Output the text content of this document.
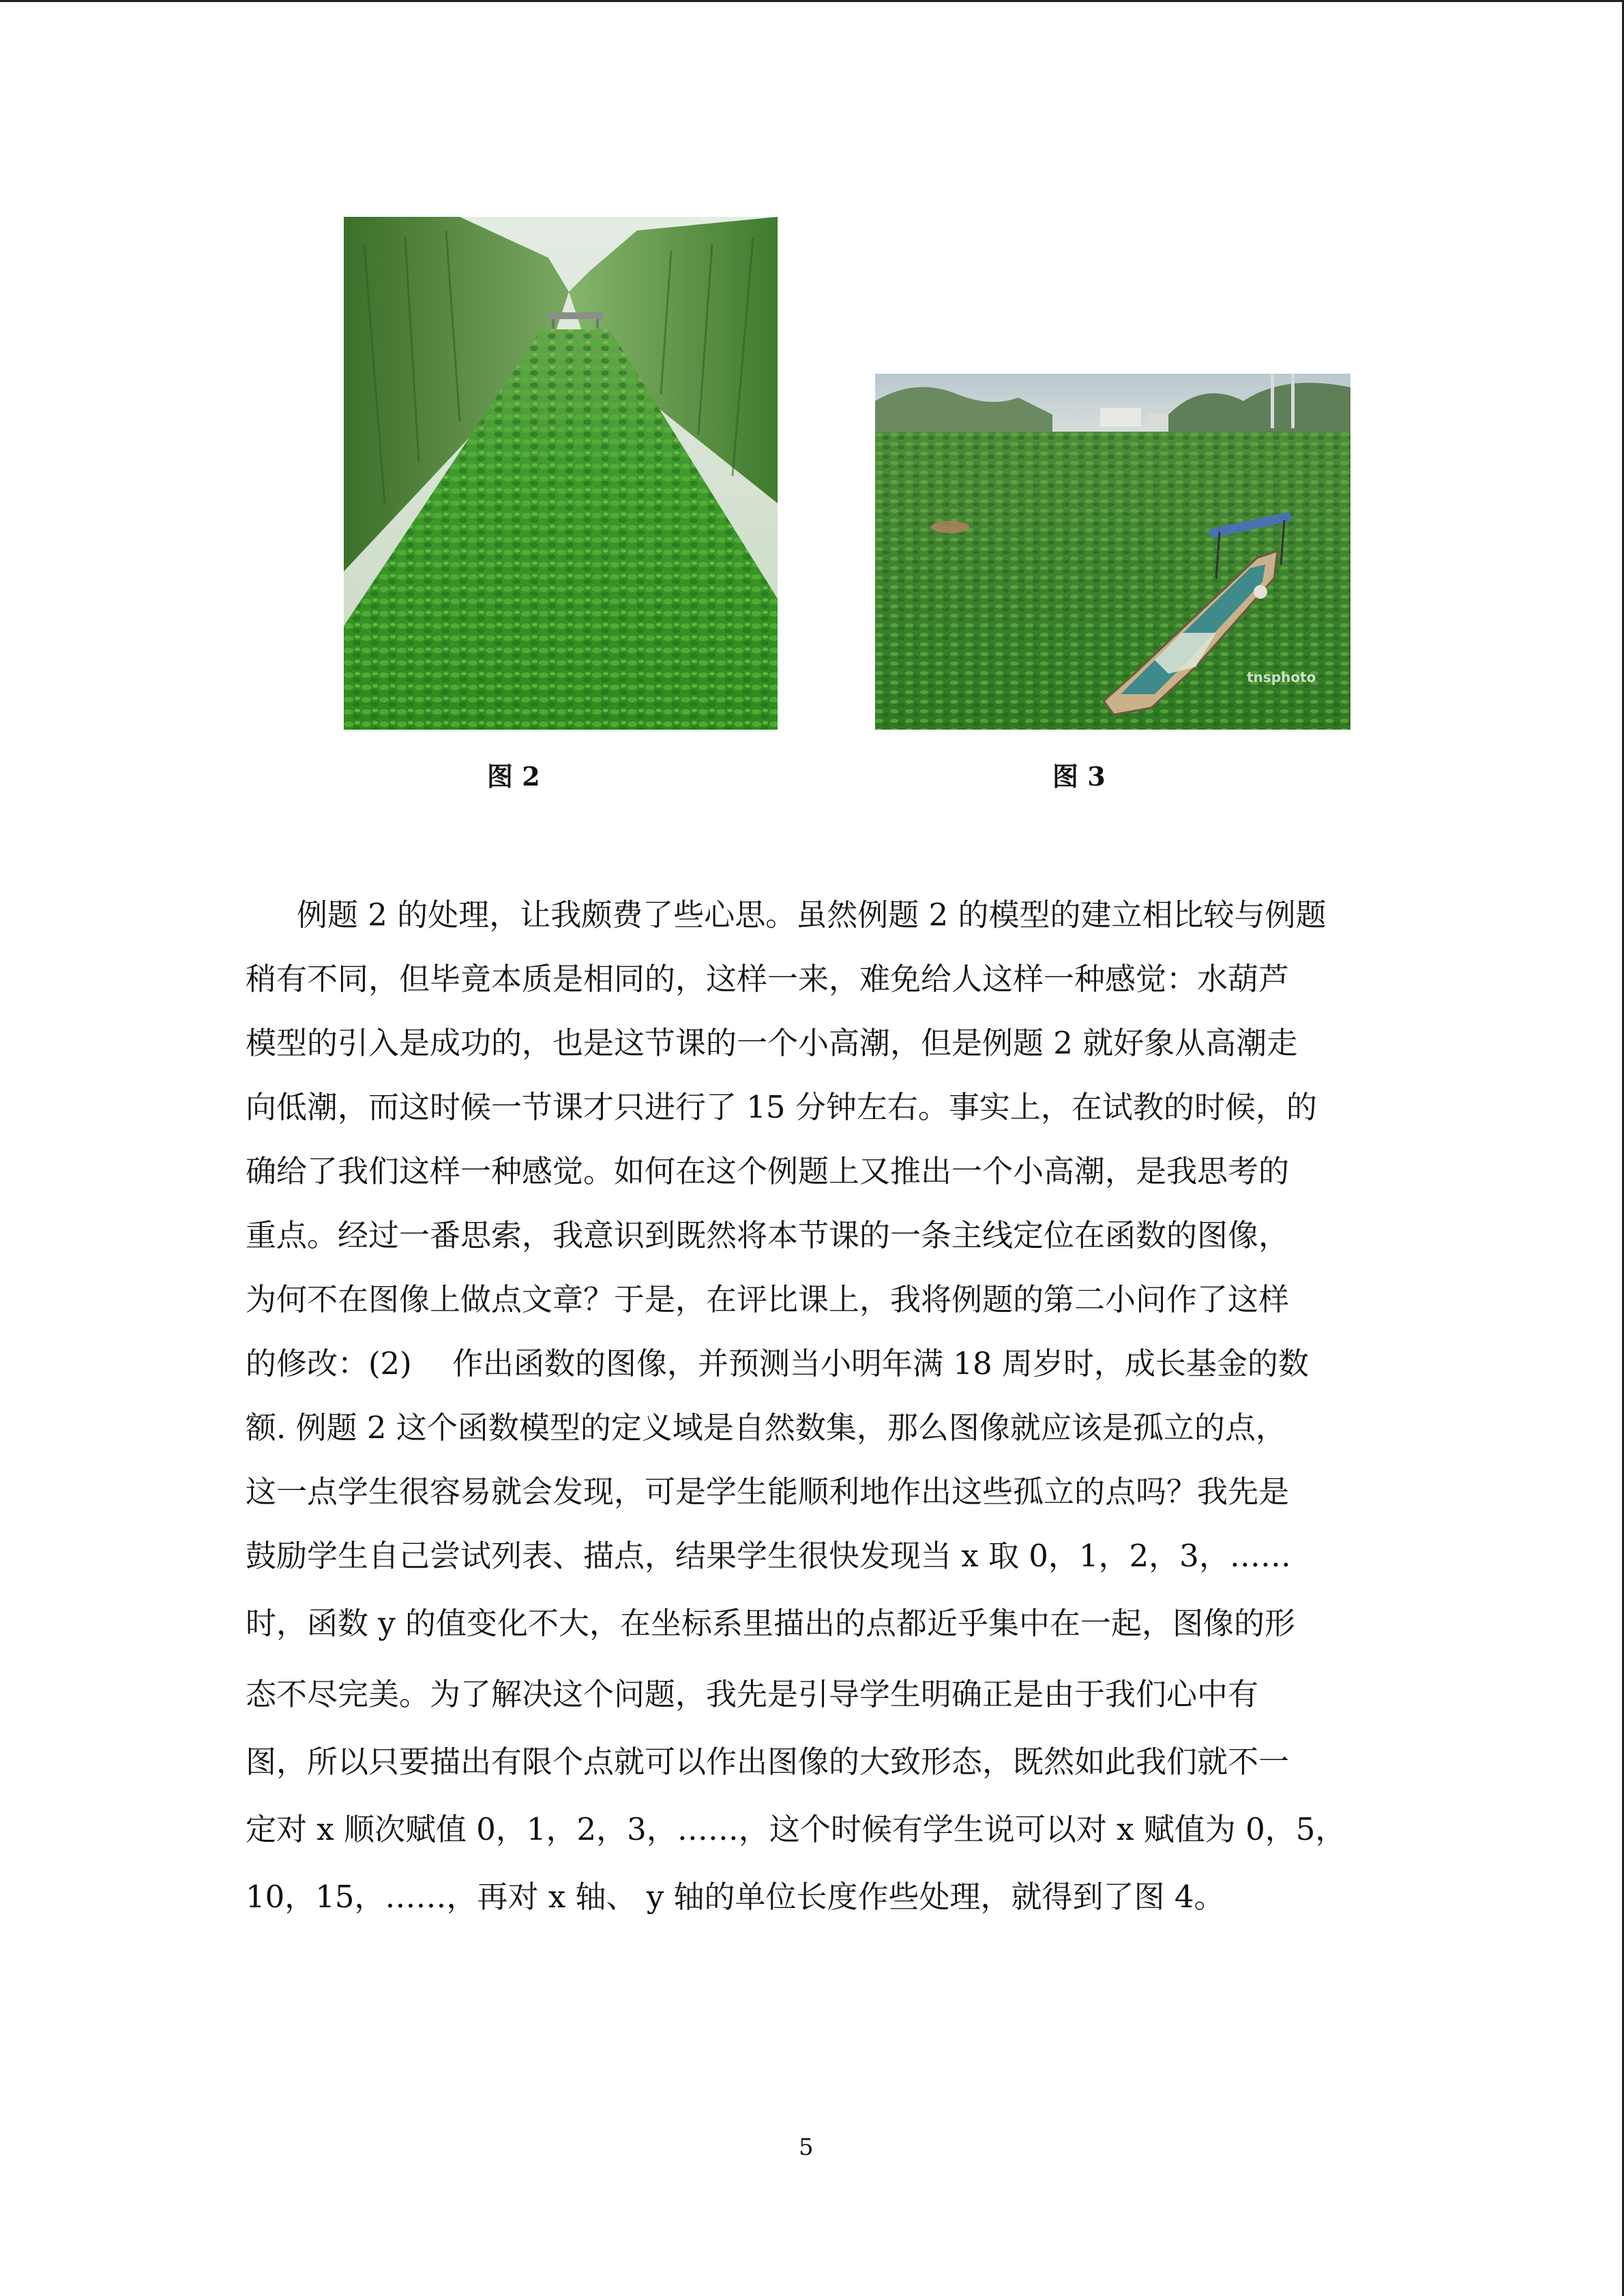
tnsphoto
图 2	图 3
例题 2 的处理，让我颇费了些心思。虽然例题 2 的模型的建立相比较与例题
稍有不同，但毕竟本质是相同的，这样一来，难免给人这样一种感觉：水葫芦
模型的引入是成功的，也是这节课的一个小高潮，但是例题 2 就好象从高潮走
向低潮，而这时候一节课才只进行了 15 分钟左右。事实上，在试教的时候，的
确给了我们这样一种感觉。如何在这个例题上又推出一个小高潮，是我思考的
重点。经过一番思索，我意识到既然将本节课的一条主线定位在函数的图像，
为何不在图像上做点文章？于是，在评比课上，我将例题的第二小问作了这样
的修改：(2)　 作出函数的图像，并预测当小明年满 18 周岁时，成长基金的数
额. 例题 2 这个函数模型的定义域是自然数集，那么图像就应该是孤立的点，
这一点学生很容易就会发现，可是学生能顺利地作出这些孤立的点吗？我先是
鼓励学生自己尝试列表、描点，结果学生很快发现当 x 取 0，1，2，3，……
时，函数 y 的值变化不大，在坐标系里描出的点都近乎集中在一起，图像的形
态不尽完美。为了解决这个问题，我先是引导学生明确正是由于我们心中有
图，所以只要描出有限个点就可以作出图像的大致形态，既然如此我们就不一
定对 x 顺次赋值 0，1，2，3，……，这个时候有学生说可以对 x 赋值为 0，5，
10，15，……，再对 x 轴、 y 轴的单位长度作些处理，就得到了图 4。
5
